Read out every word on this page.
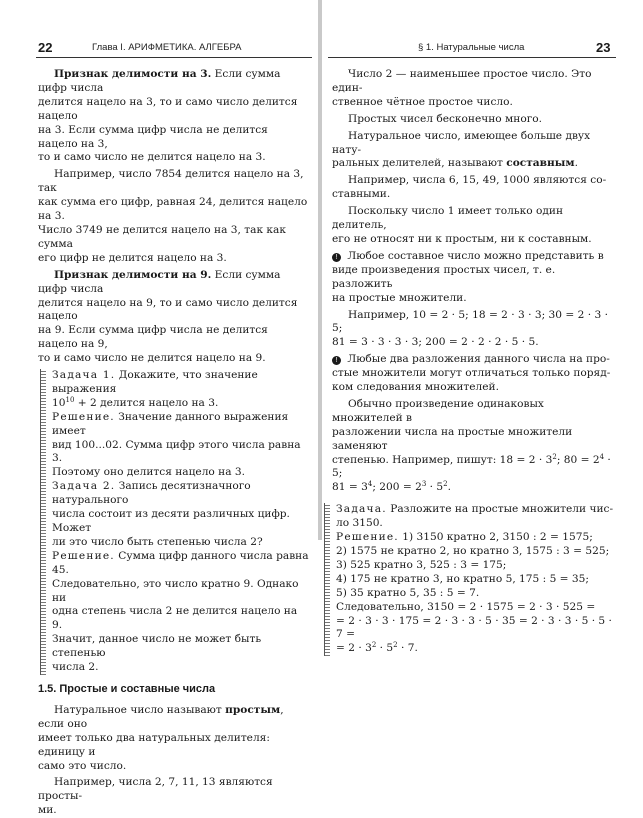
22	Глава I. АРИФМЕТИКА. АЛГЕБРА

Признак делимости на 3. Если сумма цифр числа

делится нацело на 3, то и само число делится нацело

на 3. Если сумма цифр числа не делится нацело на 3,

то и само число не делится нацело на 3.

Например, число 7854 делится нацело на 3, так

как сумма его цифр, равная 24, делится нацело на 3.

Число 3749 не делится нацело на 3, так как сумма

его цифр не делится нацело на 3.

Признак делимости на 9. Если сумма цифр числа

делится нацело на 9, то и само число делится нацело

на 9. Если сумма цифр числа не делится нацело на 9,

то и само число не делится нацело на 9.

Задача 1. Докажите, что значение выражения

$10^{10} + 2$ делится нацело на 3.

Решение. Значение данного выражения имеет

вид 100...02. Сумма цифр этого числа равна 3.

Поэтому оно делится нацело на 3.

Задача 2. Запись десятизначного натурального

числа состоит из десяти различных цифр. Может

ли это число быть степенью числа 2?

Решение. Сумма цифр данного числа равна 45.

Следовательно, это число кратно 9. Однако ни

одна степень числа 2 не делится нацело на 9.

Значит, данное число не может быть степенью

числа 2.

1.5. Простые и составные числа

Натуральное число называют простым, если оно

имеет только два натуральных делителя: единицу и

само это число.

Например, числа 2, 7, 11, 13 являются просты-

ми.

§ 1. Натуральные числа	23

Число 2 — наименьшее простое число. Это един-

ственное чётное простое число.

Простых чисел бесконечно много.

Натуральное число, имеющее больше двух нату-

ральных делителей, называют составным.

Например, числа 6, 15, 49, 1000 являются со-

ставными.

Поскольку число 1 имеет только один делитель,

его не относят ни к простым, ни к составным.

! Любое составное число можно представить в

виде произведения простых чисел, т. е. разложить

на простые множители.

Например, 10 = 2 · 5; 18 = 2 · 3 · 3; 30 = 2 · 3 · 5;

81 = 3 · 3 · 3 · 3; 200 = 2 · 2 · 2 · 5 · 5.

! Любые два разложения данного числа на про-

стые множители могут отличаться только поряд-

ком следования множителей.

Обычно произведение одинаковых множителей в

разложении числа на простые множители заменяют

степенью. Например, пишут: $18 = 2 \cdot 3^2$; $80 = 2^4 \cdot 5$;

$81 = 3^4$; $200 = 2^3 \cdot 5^2$.

Задача. Разложите на простые множители чис-

ло 3150.

Решение. 1) 3150 кратно 2, 3150 : 2 = 1575;

2) 1575 не кратно 2, но кратно 3, 1575 : 3 = 525;

3) 525 кратно 3, 525 : 3 = 175;

4) 175 не кратно 3, но кратно 5, 175 : 5 = 35;

5) 35 кратно 5, 35 : 5 = 7.

Следовательно, 3150 = 2 · 1575 = 2 · 3 · 525 =

= 2 · 3 · 3 · 175 = 2 · 3 · 3 · 5 · 35 = 2 · 3 · 3 · 5 · 5 · 7 =

= $2 \cdot 3^2 \cdot 5^2 \cdot 7$.
